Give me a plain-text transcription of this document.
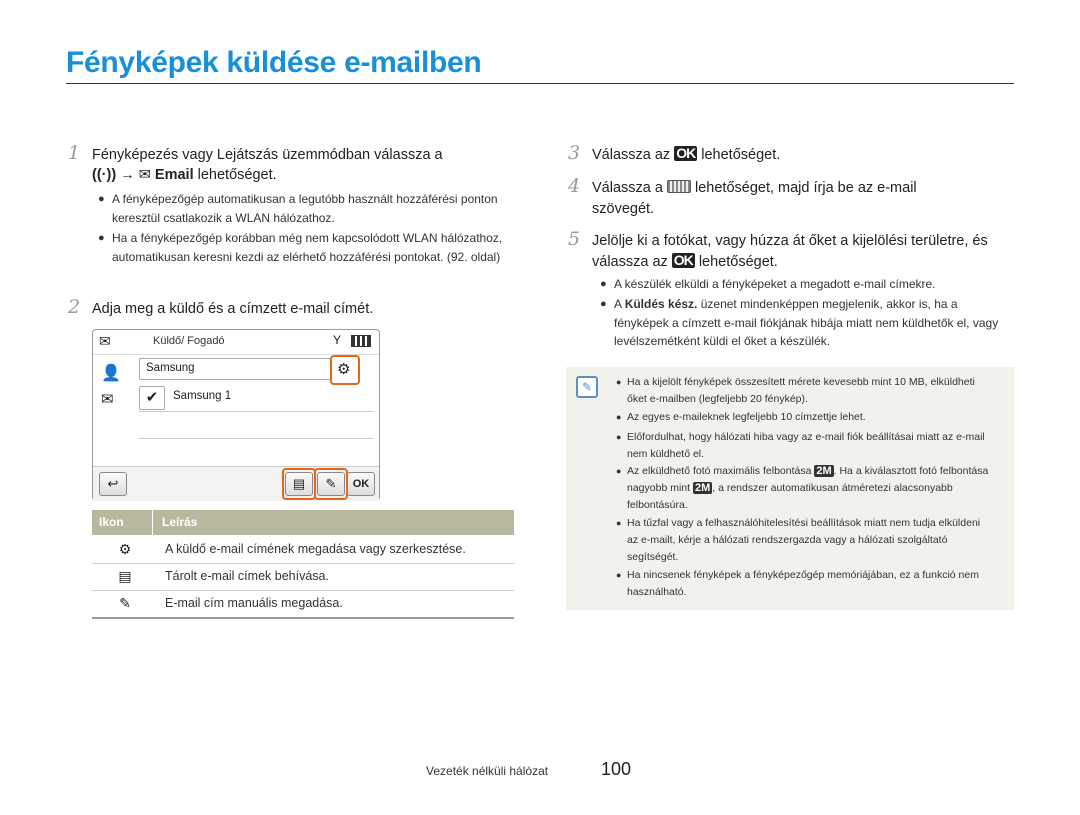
Fényképek küldése e-mailben
1 Fényképezés vagy Lejátszás üzemmódban válassza a
((·)) → ✉ Email lehetőséget.
● A fényképezőgép automatikusan a legutóbb használt hozzáférési ponton keresztül csatlakozik a WLAN hálózathoz.
● Ha a fényképezőgép korábban még nem kapcsolódott WLAN hálózathoz, automatikusan keresni kezdi az elérhető hozzáférési pontokat. (92. oldal)
2 Adja meg a küldő és a címzett e-mail címét.
✉	Küldő/ Fogadó	Y
👤 Samsung	⚙
✉	✔	Samsung 1
↩	▤	✎	OK
Ikon	Leírás
⚙	A küldő e-mail címének megadása vagy szerkesztése.
▤	Tárolt e-mail címek behívása.
✎	E-mail cím manuális megadása.
3 Válassza az OK lehetőséget.
4 Válassza a lehetőséget, majd írja be az e-mail szövegét.
5 Jelölje ki a fotókat, vagy húzza át őket a kijelölési területre, és válassza az OK lehetőséget.
● A készülék elküldi a fényképeket a megadott e-mail címekre.
● A Küldés kész. üzenet mindenképpen megjelenik, akkor is, ha a fényképek a címzett e-mail fiókjának hibája miatt nem küldhetők el, vagy levélszemétként küldi el őket a készülék.
● Ha a kijelölt fényképek összesített mérete kevesebb mint 10 MB, elküldheti őket e-mailben (legfeljebb 20 fénykép).
● Az egyes e-maileknek legfeljebb 10 címzettje lehet.
● Előfordulhat, hogy hálózati hiba vagy az e-mail fiók beállításai miatt az e-mail nem küldhető el.
● Az elküldhető fotó maximális felbontása 2M . Ha a kiválasztott fotó felbontása nagyobb mint 2M , a rendszer automatikusan átméretezi alacsonyabb felbontásúra.
● Ha tűzfal vagy a felhasználóhitelesítési beállítások miatt nem tudja elküldeni az e-mailt, kérje a hálózati rendszergazda vagy a hálózati szolgáltató segítségét.
● Ha nincsenek fényképek a fényképezőgép memóriájában, ez a funkció nem használható.
✎
Vezeték nélküli hálózat	100
